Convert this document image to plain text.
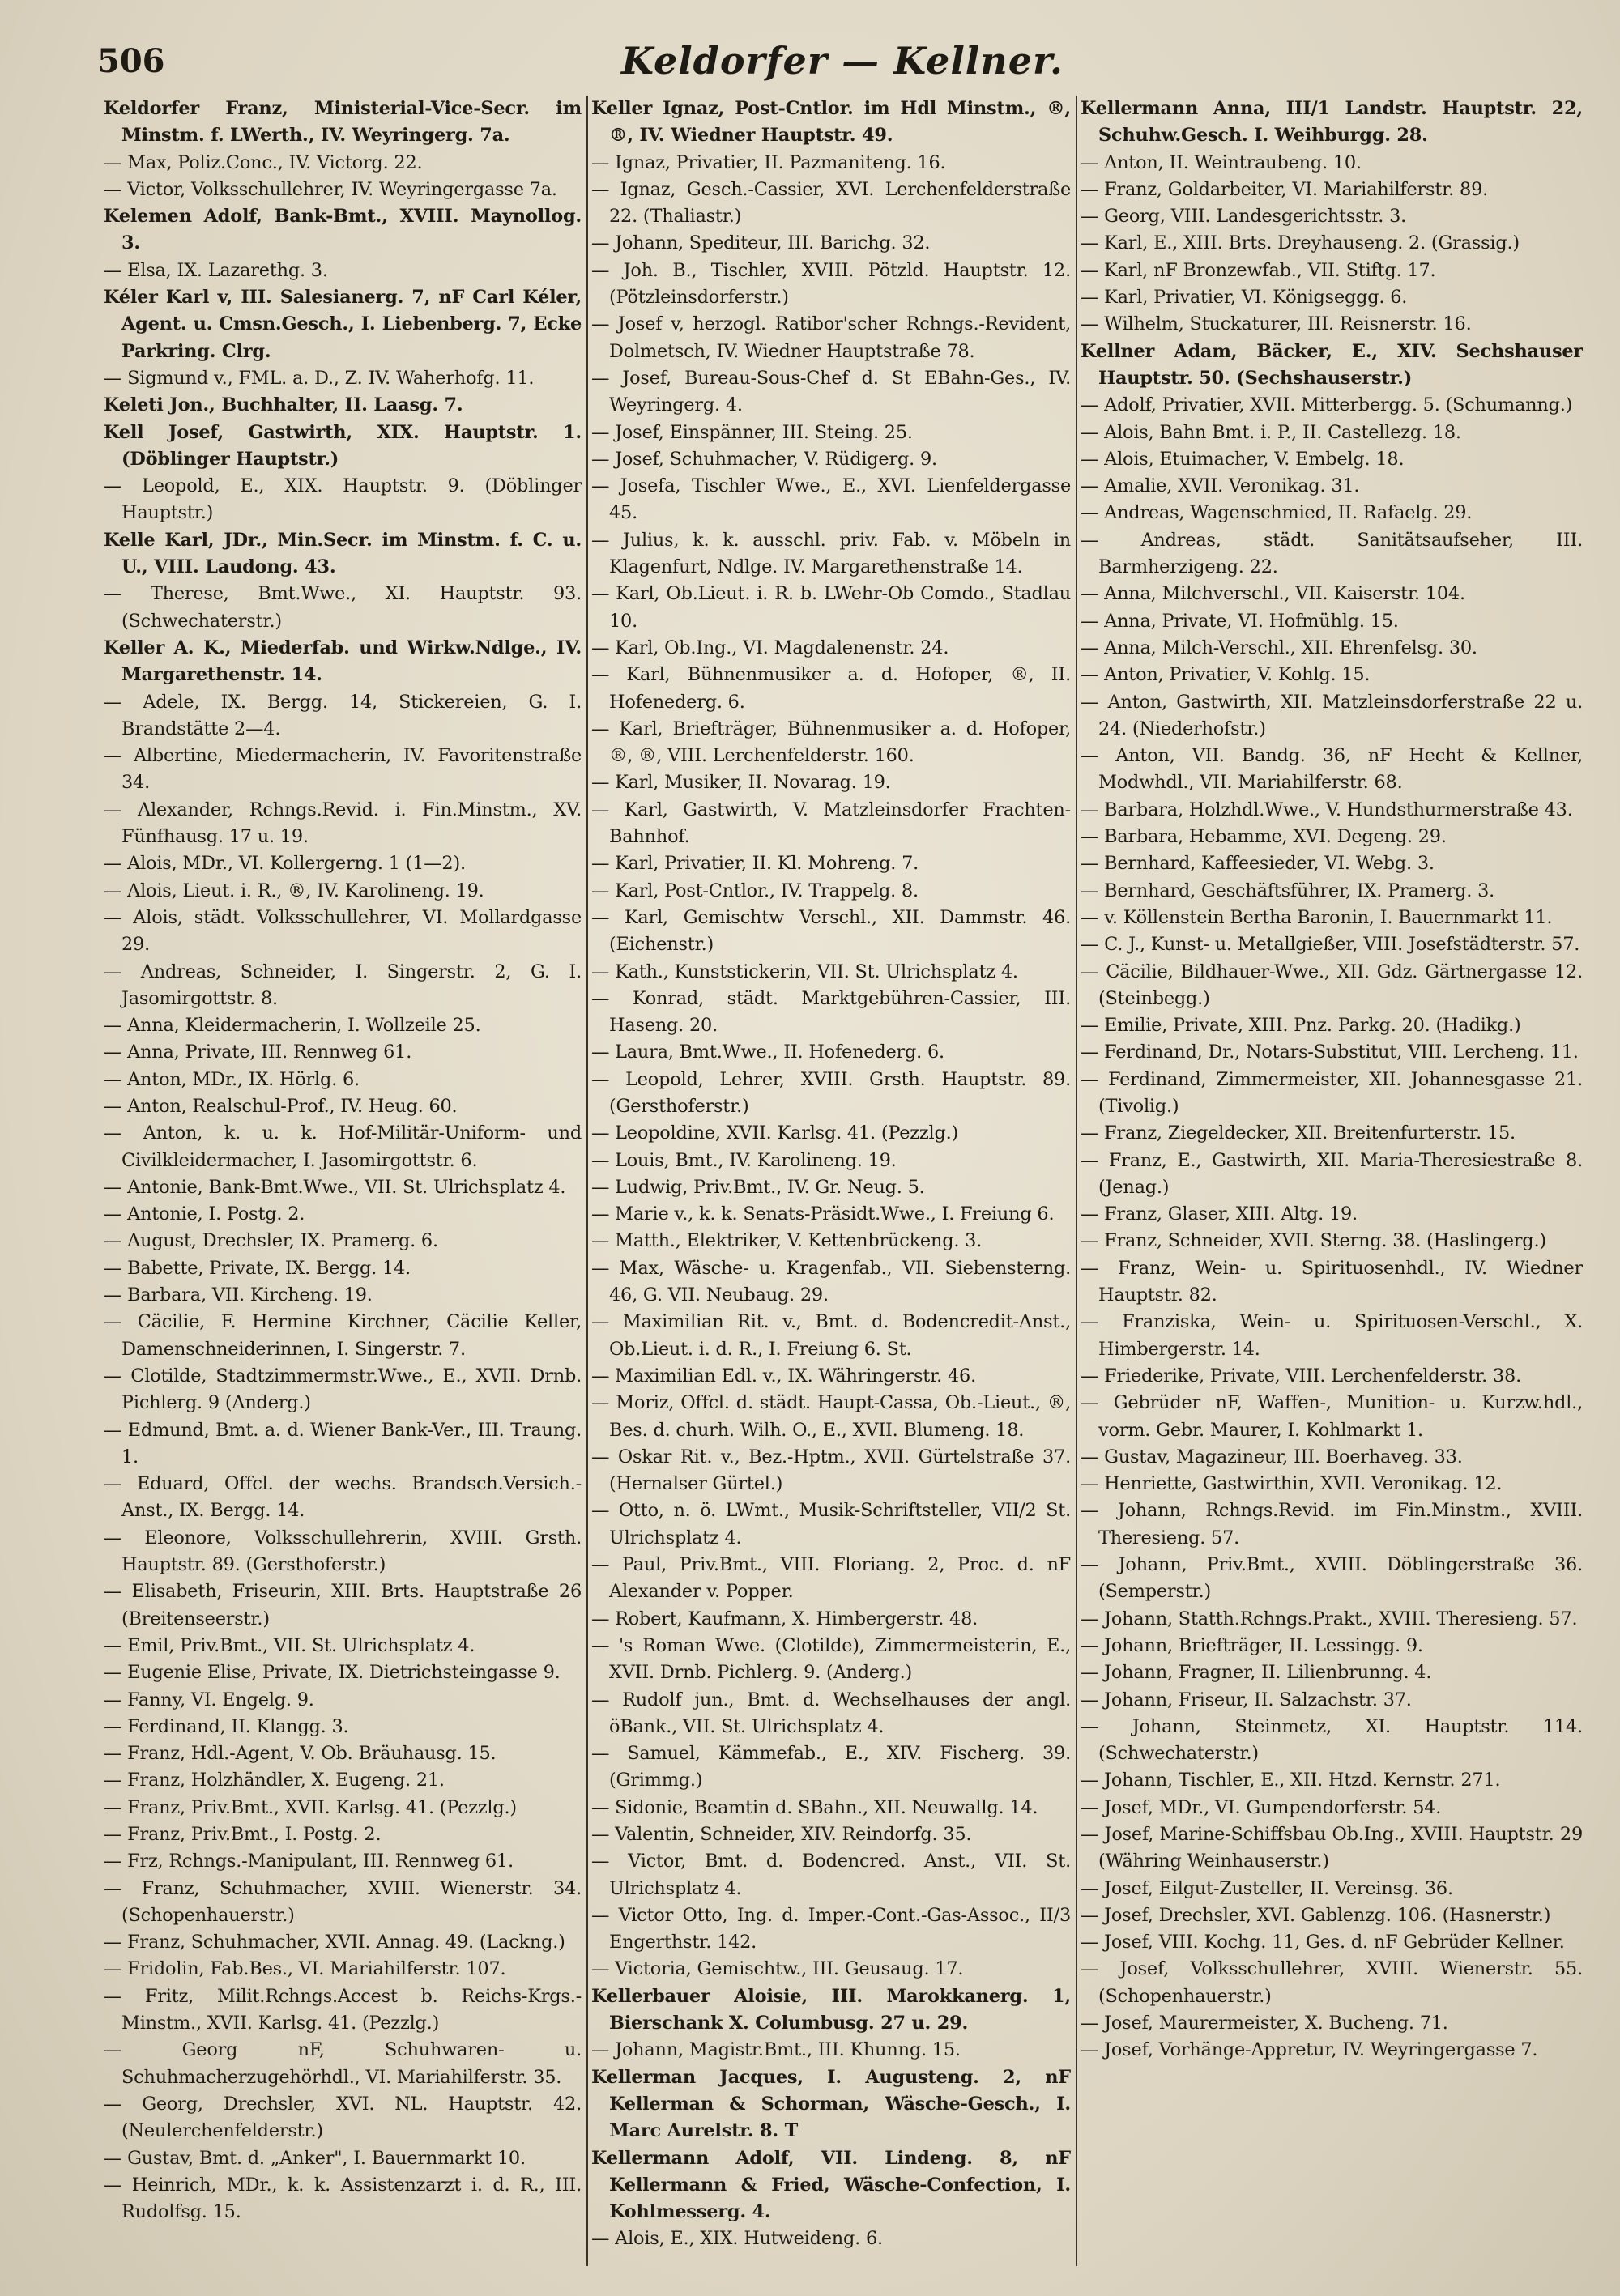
506	Keldorfer — Kellner.

Keldorfer Franz, Ministerial-Vice-Secr. im Minstm. f. LWerth., IV. Weyringerg. 7a.

— Max, Poliz.Conc., IV. Victorg. 22.

— Victor, Volksschullehrer, IV. Weyringergasse 7a.

Kelemen Adolf, Bank-Bmt., XVIII. Maynollog. 3.

— Elsa, IX. Lazarethg. 3.

Kéler Karl v, III. Salesianerg. 7, nF Carl Kéler, Agent. u. Cmsn.Gesch., I. Liebenberg. 7, Ecke Parkring. Clrg.

— Sigmund v., FML. a. D., Z. IV. Waherhofg. 11.

Keleti Jon., Buchhalter, II. Laasg. 7.

Kell Josef, Gastwirth, XIX. Hauptstr. 1. (Döblinger Hauptstr.)

— Leopold, E., XIX. Hauptstr. 9. (Döblinger Hauptstr.)

Kelle Karl, JDr., Min.Secr. im Minstm. f. C. u. U., VIII. Laudong. 43.

— Therese, Bmt.Wwe., XI. Hauptstr. 93. (Schwechaterstr.)

Keller A. K., Miederfab. und Wirkw.Ndlge., IV. Margarethenstr. 14.

— Adele, IX. Bergg. 14, Stickereien, G. I. Brandstätte 2—4.

— Albertine, Miedermacherin, IV. Favoritenstraße 34.

— Alexander, Rchngs.Revid. i. Fin.Minstm., XV. Fünfhausg. 17 u. 19.

— Alois, MDr., VI. Kollergerng. 1 (1—2).

— Alois, Lieut. i. R., ®, IV. Karolineng. 19.

— Alois, städt. Volksschullehrer, VI. Mollardgasse 29.

— Andreas, Schneider, I. Singerstr. 2, G. I. Jasomirgottstr. 8.

— Anna, Kleidermacherin, I. Wollzeile 25.

— Anna, Private, III. Rennweg 61.

— Anton, MDr., IX. Hörlg. 6.

— Anton, Realschul-Prof., IV. Heug. 60.

— Anton, k. u. k. Hof-Militär-Uniform- und Civilkleidermacher, I. Jasomirgottstr. 6.

— Antonie, Bank-Bmt.Wwe., VII. St. Ulrichsplatz 4.

— Antonie, I. Postg. 2.

— August, Drechsler, IX. Pramerg. 6.

— Babette, Private, IX. Bergg. 14.

— Barbara, VII. Kircheng. 19.

— Cäcilie, F. Hermine Kirchner, Cäcilie Keller, Damenschneiderinnen, I. Singerstr. 7.

— Clotilde, Stadtzimmermstr.Wwe., E., XVII. Drnb. Pichlerg. 9 (Anderg.)

— Edmund, Bmt. a. d. Wiener Bank-Ver., III. Traung. 1.

— Eduard, Offcl. der wechs. Brandsch.Versich.-Anst., IX. Bergg. 14.

— Eleonore, Volksschullehrerin, XVIII. Grsth. Hauptstr. 89. (Gersthoferstr.)

— Elisabeth, Friseurin, XIII. Brts. Hauptstraße 26 (Breitenseerstr.)

— Emil, Priv.Bmt., VII. St. Ulrichsplatz 4.

— Eugenie Elise, Private, IX. Dietrichsteingasse 9.

— Fanny, VI. Engelg. 9.

— Ferdinand, II. Klangg. 3.

— Franz, Hdl.-Agent, V. Ob. Bräuhausg. 15.

— Franz, Holzhändler, X. Eugeng. 21.

— Franz, Priv.Bmt., XVII. Karlsg. 41. (Pezzlg.)

— Franz, Priv.Bmt., I. Postg. 2.

— Frz, Rchngs.-Manipulant, III. Rennweg 61.

— Franz, Schuhmacher, XVIII. Wienerstr. 34. (Schopenhauerstr.)

— Franz, Schuhmacher, XVII. Annag. 49. (Lackng.)

— Fridolin, Fab.Bes., VI. Mariahilferstr. 107.

— Fritz, Milit.Rchngs.Accest b. Reichs-Krgs.-Minstm., XVII. Karlsg. 41. (Pezzlg.)

— Georg nF, Schuhwaren- u. Schuhmacherzugehörhdl., VI. Mariahilferstr. 35.

— Georg, Drechsler, XVI. NL. Hauptstr. 42. (Neulerchenfelderstr.)

— Gustav, Bmt. d. „Anker", I. Bauernmarkt 10.

— Heinrich, MDr., k. k. Assistenzarzt i. d. R., III. Rudolfsg. 15.

Keller Ignaz, Post-Cntlor. im Hdl Minstm., ®, ®, IV. Wiedner Hauptstr. 49.

— Ignaz, Privatier, II. Pazmaniteng. 16.

— Ignaz, Gesch.-Cassier, XVI. Lerchenfelderstraße 22. (Thaliastr.)

— Johann, Spediteur, III. Barichg. 32.

— Joh. B., Tischler, XVIII. Pötzld. Hauptstr. 12. (Pötzleinsdorferstr.)

— Josef v, herzogl. Ratibor'scher Rchngs.-Revident, Dolmetsch, IV. Wiedner Hauptstraße 78.

— Josef, Bureau-Sous-Chef d. St EBahn-Ges., IV. Weyringerg. 4.

— Josef, Einspänner, III. Steing. 25.

— Josef, Schuhmacher, V. Rüdigerg. 9.

— Josefa, Tischler Wwe., E., XVI. Lienfeldergasse 45.

— Julius, k. k. ausschl. priv. Fab. v. Möbeln in Klagenfurt, Ndlge. IV. Margarethenstraße 14.

— Karl, Ob.Lieut. i. R. b. LWehr-Ob Comdo., Stadlau 10.

— Karl, Ob.Ing., VI. Magdalenenstr. 24.

— Karl, Bühnenmusiker a. d. Hofoper, ®, II. Hofenederg. 6.

— Karl, Briefträger, Bühnenmusiker a. d. Hofoper, ®, ®, VIII. Lerchenfelderstr. 160.

— Karl, Musiker, II. Novarag. 19.

— Karl, Gastwirth, V. Matzleinsdorfer Frachten-Bahnhof.

— Karl, Privatier, II. Kl. Mohreng. 7.

— Karl, Post-Cntlor., IV. Trappelg. 8.

— Karl, Gemischtw Verschl., XII. Dammstr. 46. (Eichenstr.)

— Kath., Kunststickerin, VII. St. Ulrichsplatz 4.

— Konrad, städt. Marktgebühren-Cassier, III. Haseng. 20.

— Laura, Bmt.Wwe., II. Hofenederg. 6.

— Leopold, Lehrer, XVIII. Grsth. Hauptstr. 89. (Gersthoferstr.)

— Leopoldine, XVII. Karlsg. 41. (Pezzlg.)

— Louis, Bmt., IV. Karolineng. 19.

— Ludwig, Priv.Bmt., IV. Gr. Neug. 5.

— Marie v., k. k. Senats-Präsidt.Wwe., I. Freiung 6.

— Matth., Elektriker, V. Kettenbrückeng. 3.

— Max, Wäsche- u. Kragenfab., VII. Siebensterng. 46, G. VII. Neubaug. 29.

— Maximilian Rit. v., Bmt. d. Bodencredit-Anst., Ob.Lieut. i. d. R., I. Freiung 6. St.

— Maximilian Edl. v., IX. Währingerstr. 46.

— Moriz, Offcl. d. städt. Haupt-Cassa, Ob.-Lieut., ®, Bes. d. churh. Wilh. O., E., XVII. Blumeng. 18.

— Oskar Rit. v., Bez.-Hptm., XVII. Gürtelstraße 37. (Hernalser Gürtel.)

— Otto, n. ö. LWmt., Musik-Schriftsteller, VII/2 St. Ulrichsplatz 4.

— Paul, Priv.Bmt., VIII. Floriang. 2, Proc. d. nF Alexander v. Popper.

— Robert, Kaufmann, X. Himbergerstr. 48.

— 's Roman Wwe. (Clotilde), Zimmermeisterin, E., XVII. Drnb. Pichlerg. 9. (Anderg.)

— Rudolf jun., Bmt. d. Wechselhauses der angl. öBank., VII. St. Ulrichsplatz 4.

— Samuel, Kämmefab., E., XIV. Fischerg. 39. (Grimmg.)

— Sidonie, Beamtin d. SBahn., XII. Neuwallg. 14.

— Valentin, Schneider, XIV. Reindorfg. 35.

— Victor, Bmt. d. Bodencred. Anst., VII. St. Ulrichsplatz 4.

— Victor Otto, Ing. d. Imper.-Cont.-Gas-Assoc., II/3 Engerthstr. 142.

— Victoria, Gemischtw., III. Geusaug. 17.

Kellerbauer Aloisie, III. Marokkanerg. 1, Bierschank X. Columbusg. 27 u. 29.

— Johann, Magistr.Bmt., III. Khunng. 15.

Kellerman Jacques, I. Augusteng. 2, nF Kellerman & Schorman, Wäsche-Gesch., I. Marc Aurelstr. 8. T

Kellermann Adolf, VII. Lindeng. 8, nF Kellermann & Fried, Wäsche-Confection, I. Kohlmesserg. 4.

— Alois, E., XIX. Hutweideng. 6.

Kellermann Anna, III/1 Landstr. Hauptstr. 22, Schuhw.Gesch. I. Weihburgg. 28.

— Anton, II. Weintraubeng. 10.

— Franz, Goldarbeiter, VI. Mariahilferstr. 89.

— Georg, VIII. Landesgerichtsstr. 3.

— Karl, E., XIII. Brts. Dreyhauseng. 2. (Grassig.)

— Karl, nF Bronzewfab., VII. Stiftg. 17.

— Karl, Privatier, VI. Königseggg. 6.

— Wilhelm, Stuckaturer, III. Reisnerstr. 16.

Kellner Adam, Bäcker, E., XIV. Sechshauser Hauptstr. 50. (Sechshauserstr.)

— Adolf, Privatier, XVII. Mitterbergg. 5. (Schumanng.)

— Alois, Bahn Bmt. i. P., II. Castellezg. 18.

— Alois, Etuimacher, V. Embelg. 18.

— Amalie, XVII. Veronikag. 31.

— Andreas, Wagenschmied, II. Rafaelg. 29.

— Andreas, städt. Sanitätsaufseher, III. Barmherzigeng. 22.

— Anna, Milchverschl., VII. Kaiserstr. 104.

— Anna, Private, VI. Hofmühlg. 15.

— Anna, Milch-Verschl., XII. Ehrenfelsg. 30.

— Anton, Privatier, V. Kohlg. 15.

— Anton, Gastwirth, XII. Matzleinsdorferstraße 22 u. 24. (Niederhofstr.)

— Anton, VII. Bandg. 36, nF Hecht & Kellner, Modwhdl., VII. Mariahilferstr. 68.

— Barbara, Holzhdl.Wwe., V. Hundsthurmerstraße 43.

— Barbara, Hebamme, XVI. Degeng. 29.

— Bernhard, Kaffeesieder, VI. Webg. 3.

— Bernhard, Geschäftsführer, IX. Pramerg. 3.

— v. Köllenstein Bertha Baronin, I. Bauernmarkt 11.

— C. J., Kunst- u. Metallgießer, VIII. Josefstädterstr. 57.

— Cäcilie, Bildhauer-Wwe., XII. Gdz. Gärtnergasse 12. (Steinbegg.)

— Emilie, Private, XIII. Pnz. Parkg. 20. (Hadikg.)

— Ferdinand, Dr., Notars-Substitut, VIII. Lercheng. 11.

— Ferdinand, Zimmermeister, XII. Johannesgasse 21. (Tivolig.)

— Franz, Ziegeldecker, XII. Breitenfurterstr. 15.

— Franz, E., Gastwirth, XII. Maria-Theresiestraße 8. (Jenag.)

— Franz, Glaser, XIII. Altg. 19.

— Franz, Schneider, XVII. Sterng. 38. (Haslingerg.)

— Franz, Wein- u. Spirituosenhdl., IV. Wiedner Hauptstr. 82.

— Franziska, Wein- u. Spirituosen-Verschl., X. Himbergerstr. 14.

— Friederike, Private, VIII. Lerchenfelderstr. 38.

— Gebrüder nF, Waffen-, Munition- u. Kurzw.hdl., vorm. Gebr. Maurer, I. Kohlmarkt 1.

— Gustav, Magazineur, III. Boerhaveg. 33.

— Henriette, Gastwirthin, XVII. Veronikag. 12.

— Johann, Rchngs.Revid. im Fin.Minstm., XVIII. Theresieng. 57.

— Johann, Priv.Bmt., XVIII. Döblingerstraße 36. (Semperstr.)

— Johann, Statth.Rchngs.Prakt., XVIII. Theresieng. 57.

— Johann, Briefträger, II. Lessingg. 9.

— Johann, Fragner, II. Lilienbrunng. 4.

— Johann, Friseur, II. Salzachstr. 37.

— Johann, Steinmetz, XI. Hauptstr. 114. (Schwechaterstr.)

— Johann, Tischler, E., XII. Htzd. Kernstr. 271.

— Josef, MDr., VI. Gumpendorferstr. 54.

— Josef, Marine-Schiffsbau Ob.Ing., XVIII. Hauptstr. 29 (Währing Weinhauserstr.)

— Josef, Eilgut-Zusteller, II. Vereinsg. 36.

— Josef, Drechsler, XVI. Gablenzg. 106. (Hasnerstr.)

— Josef, VIII. Kochg. 11, Ges. d. nF Gebrüder Kellner.

— Josef, Volksschullehrer, XVIII. Wienerstr. 55. (Schopenhauerstr.)

— Josef, Maurermeister, X. Bucheng. 71.

— Josef, Vorhänge-Appretur, IV. Weyringergasse 7.
